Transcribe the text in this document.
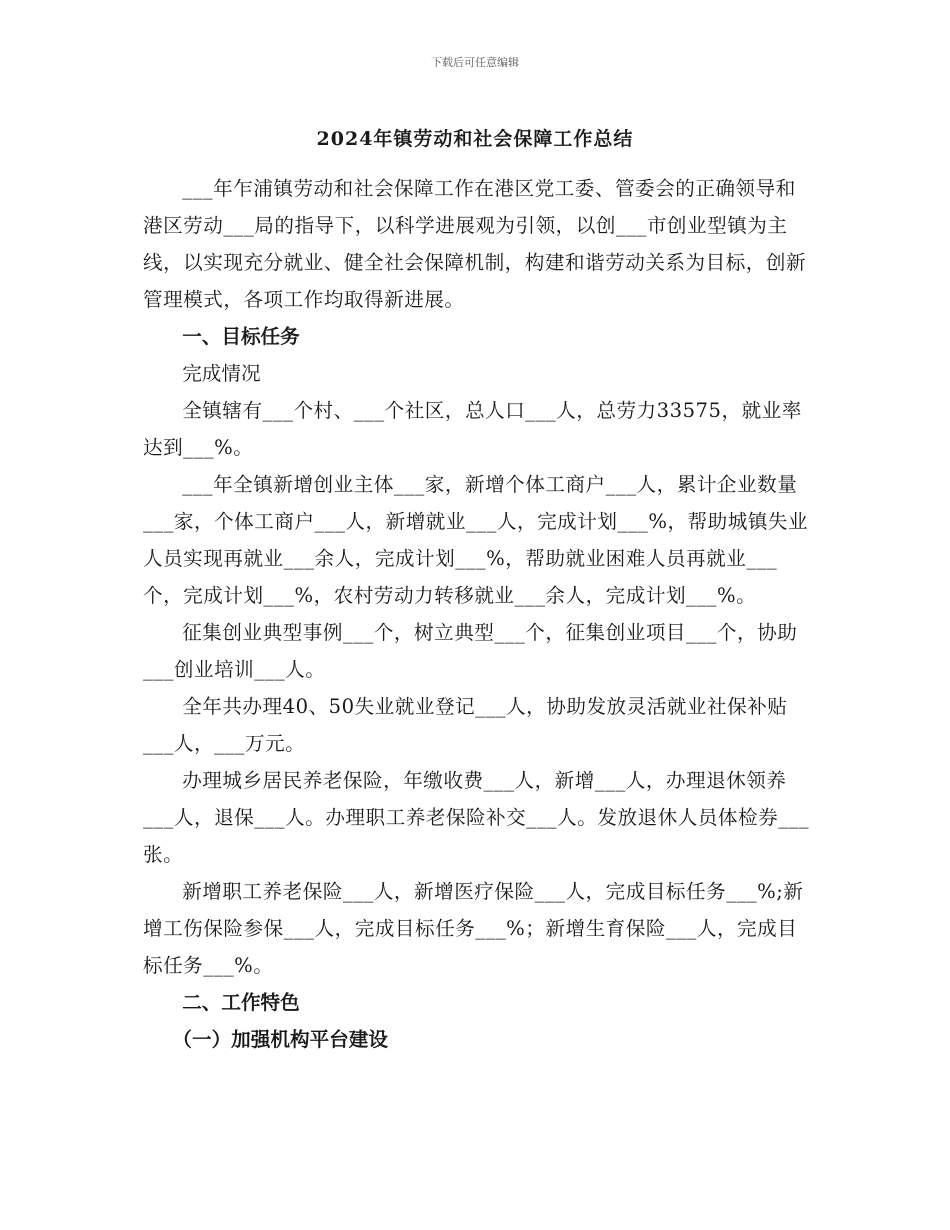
下载后可任意编辑
2024年镇劳动和社会保障工作总结

___年乍浦镇劳动和社会保障工作在港区党工委、管委会的正确领导和港区劳动___局的指导下，以科学进展观为引领，以创___市创业型镇为主线，以实现充分就业、健全社会保障机制，构建和谐劳动关系为目标，创新管理模式，各项工作均取得新进展。

一、目标任务

完成情况

全镇辖有___个村、___个社区，总人口___人，总劳力33575，就业率达到___%。

___年全镇新增创业主体___家，新增个体工商户___人，累计企业数量___家，个体工商户___人，新增就业___人，完成计划___%，帮助城镇失业人员实现再就业___余人，完成计划___%，帮助就业困难人员再就业___个，完成计划___%，农村劳动力转移就业___余人，完成计划___%。

征集创业典型事例___个，树立典型___个，征集创业项目___个，协助___创业培训___人。

全年共办理40、50失业就业登记___人，协助发放灵活就业社保补贴___人，___万元。

办理城乡居民养老保险，年缴收费___人，新增___人，办理退休领养___人，退保___人。办理职工养老保险补交___人。发放退休人员体检券___张。

新增职工养老保险___人，新增医疗保险___人，完成目标任务___%;新增工伤保险参保___人，完成目标任务___%；新增生育保险___人，完成目标任务___%。

二、工作特色

（一）加强机构平台建设
